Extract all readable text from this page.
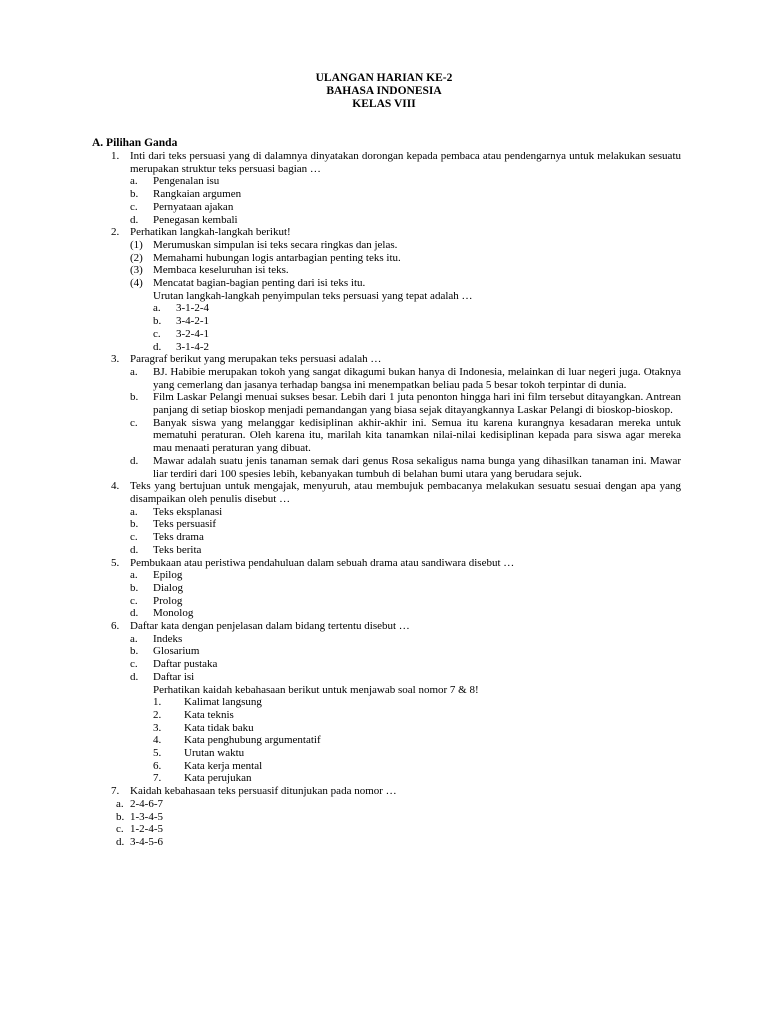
ULANGAN HARIAN KE-2
BAHASA INDONESIA
KELAS VIII
A. Pilihan Ganda
1. Inti dari teks persuasi yang di dalamnya dinyatakan dorongan kepada pembaca atau pendengarnya untuk melakukan sesuatu merupakan struktur teks persuasi bagian …
a.	Pengenalan isu
b.	Rangkaian argumen
c.	Pernyataan ajakan
d.	Penegasan kembali
2. Perhatikan langkah-langkah berikut!
(1) Merumuskan simpulan isi teks secara ringkas dan jelas.
(2) Memahami hubungan logis antarbagian penting teks itu.
(3) Membaca keseluruhan isi teks.
(4) Mencatat bagian-bagian penting dari isi teks itu.
Urutan langkah-langkah penyimpulan teks persuasi yang tepat adalah …
a.	3-1-2-4
b.	3-4-2-1
c.	3-2-4-1
d.	3-1-4-2
3. Paragraf berikut yang merupakan teks persuasi adalah …
a.	BJ. Habibie merupakan tokoh yang sangat dikagumi bukan hanya di Indonesia, melainkan di luar negeri juga. Otaknya yang cemerlang dan jasanya terhadap bangsa ini menempatkan beliau pada 5 besar tokoh terpintar di dunia.
b.	Film Laskar Pelangi menuai sukses besar. Lebih dari 1 juta penonton hingga hari ini film tersebut ditayangkan. Antrean panjang di setiap bioskop menjadi pemandangan yang biasa sejak ditayangkannya Laskar Pelangi di bioskop-bioskop.
c.	Banyak siswa yang melanggar kedisiplinan akhir-akhir ini. Semua itu karena kurangnya kesadaran mereka untuk mematuhi peraturan. Oleh karena itu, marilah kita tanamkan nilai-nilai kedisiplinan kepada para siswa agar mereka mau menaati peraturan yang dibuat.
d.	Mawar adalah suatu jenis tanaman semak dari genus Rosa sekaligus nama bunga yang dihasilkan tanaman ini. Mawar liar terdiri dari 100 spesies lebih, kebanyakan tumbuh di belahan bumi utara yang berudara sejuk.
4. Teks yang bertujuan untuk mengajak, menyuruh, atau membujuk pembacanya melakukan sesuatu sesuai dengan apa yang disampaikan oleh penulis disebut …
a.	Teks eksplanasi
b.	Teks persuasif
c.	Teks drama
d.	Teks berita
5. Pembukaan atau peristiwa pendahuluan dalam sebuah drama atau sandiwara disebut …
a.	Epilog
b.	Dialog
c.	Prolog
d.	Monolog
6. Daftar kata dengan penjelasan dalam bidang tertentu disebut …
a.	Indeks
b.	Glosarium
c.	Daftar pustaka
d.	Daftar isi
Perhatikan kaidah kebahasaan berikut untuk menjawab soal nomor 7 & 8!
1.	Kalimat langsung
2.	Kata teknis
3.	Kata tidak baku
4.	Kata penghubung argumentatif
5.	Urutan waktu
6.	Kata kerja mental
7.	Kata perujukan
7. Kaidah kebahasaan teks persuasif ditunjukan pada nomor …
a. 2-4-6-7
b. 1-3-4-5
c. 1-2-4-5
d. 3-4-5-6
